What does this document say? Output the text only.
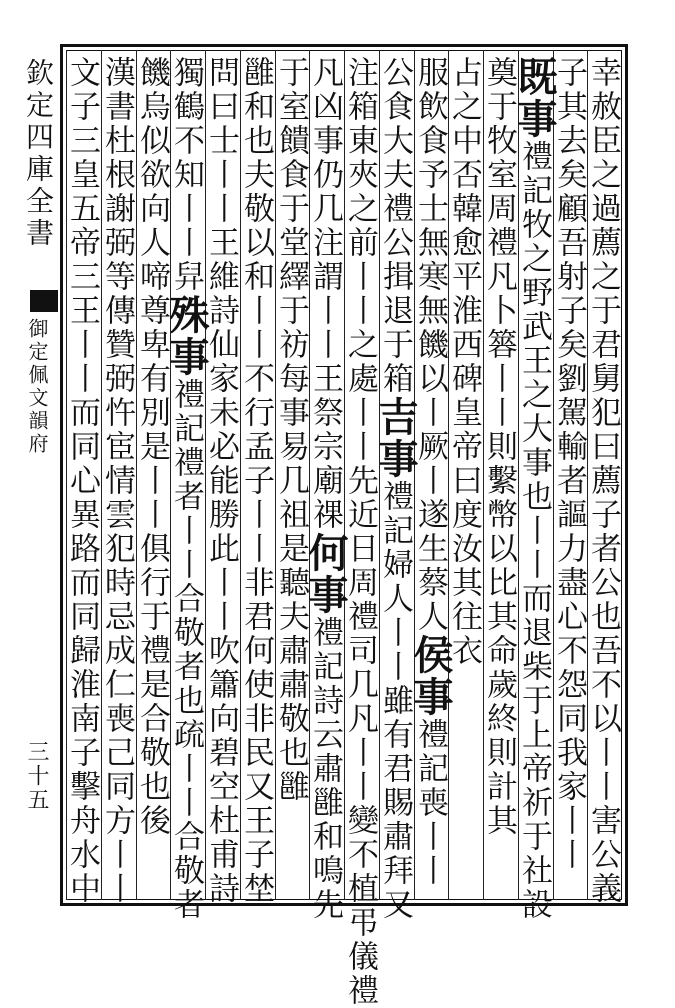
欽定四庫全書
御定佩文韻府
三十五	幸赦臣之過薦之于君舅犯曰薦子者公也吾不以丨丨害公義
子其去矣顧吾射子矣劉駕輸者謳力盡心不怨同我家丨丨
既事禮記牧之野武王之大事也丨丨而退柴于上帝祈于社設
奠于牧室周禮凡卜簭丨丨則繫幣以比其命歲終則計其
占之中否韓愈平淮西碑皇帝曰度汝其往衣
服飲食予士無寒無饑以丨厥丨遂生蔡人侯事禮記喪丨丨
公食大夫禮公揖退于箱吉事禮記婦人丨丨雖有君賜肅拜又
注箱東夾之前丨丨之處丨丨先近日周禮司几凡丨丨變不植弔儀禮
凡凶事仍几注謂丨丨王祭宗廟祼何事禮記詩云肅雝和鳴先
于室饋食于堂繹于祊每事易几祖是聽夫肅肅敬也雝
雝和也夫敬以和丨丨不行孟子丨丨非君何使非民又王子埜
問曰士丨丨王維詩仙家未必能勝此丨丨吹簫向碧空杜甫詩
獨鶴不知丨丨舁殊事禮記禮者丨丨合敬者也疏丨丨合敬者
饑烏似欲向人啼尊卑有別是丨丨俱行于禮是合敬也後
漢書杜根謝弼等傳贊弼忤宦情雲犯時忌成仁喪己同方丨丨
文子三皇五帝三王丨丨而同心異路而同歸淮南子擊舟水中
